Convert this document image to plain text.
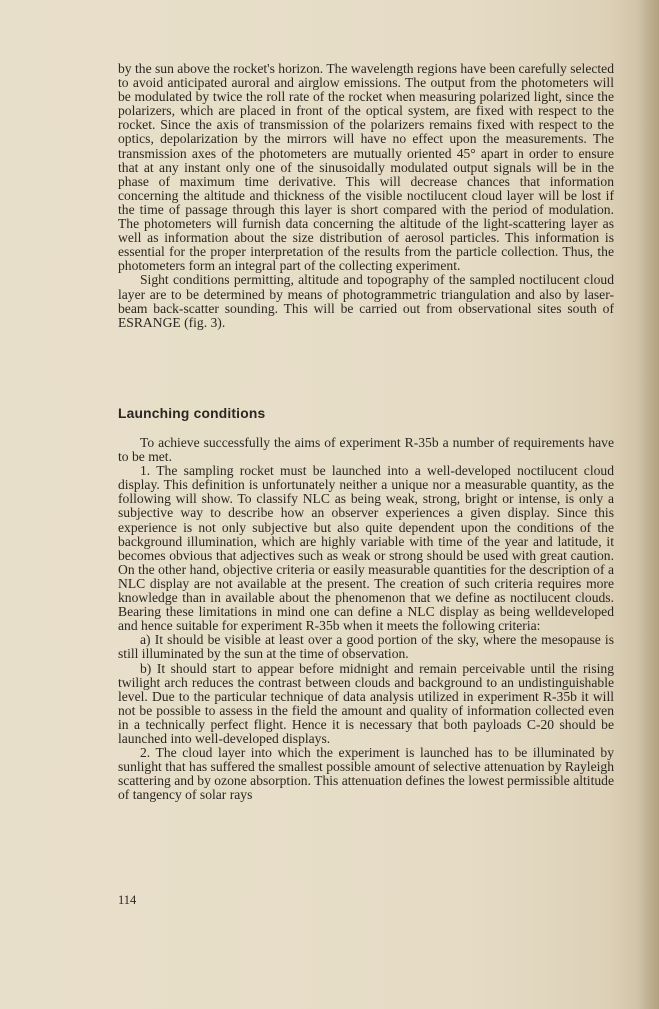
by the sun above the rocket's horizon. The wavelength regions have been carefully selected to avoid anticipated auroral and airglow emissions. The output from the photometers will be modulated by twice the roll rate of the rocket when measuring polarized light, since the polarizers, which are placed in front of the optical system, are fixed with respect to the rocket. Since the axis of transmission of the polarizers remains fixed with respect to the optics, depolarization by the mirrors will have no effect upon the measurements. The transmission axes of the photometers are mutually oriented 45° apart in order to ensure that at any instant only one of the sinusoidally modulated output signals will be in the phase of maximum time derivative. This will decrease chances that information concerning the altitude and thickness of the visible noctilucent cloud layer will be lost if the time of passage through this layer is short compared with the period of modulation. The photometers will furnish data concerning the altitude of the light-scattering layer as well as information about the size distribution of aerosol particles. This information is essential for the proper interpretation of the results from the particle collection. Thus, the photometers form an integral part of the collecting experiment.

Sight conditions permitting, altitude and topography of the sampled noctilucent cloud layer are to be determined by means of photogrammetric triangulation and also by laser-beam back-scatter sounding. This will be carried out from observational sites south of ESRANGE (fig. 3).

Launching conditions

To achieve successfully the aims of experiment R-35b a number of requirements have to be met.

1. The sampling rocket must be launched into a well-developed noctilucent cloud display. This definition is unfortunately neither a unique nor a measurable quantity, as the following will show. To classify NLC as being weak, strong, bright or intense, is only a subjective way to describe how an observer experiences a given display. Since this experience is not only subjective but also quite dependent upon the conditions of the background illumination, which are highly variable with time of the year and latitude, it becomes obvious that adjectives such as weak or strong should be used with great caution. On the other hand, objective criteria or easily measurable quantities for the description of a NLC display are not available at the present. The creation of such criteria requires more knowledge than in available about the phenomenon that we define as noctilucent clouds. Bearing these limitations in mind one can define a NLC display as being welldeveloped and hence suitable for experiment R-35b when it meets the following criteria:

a) It should be visible at least over a good portion of the sky, where the mesopause is still illuminated by the sun at the time of observation.

b) It should start to appear before midnight and remain perceivable until the rising twilight arch reduces the contrast between clouds and background to an undistinguishable level. Due to the particular technique of data analysis utilized in experiment R-35b it will not be possible to assess in the field the amount and quality of information collected even in a technically perfect flight. Hence it is necessary that both payloads C-20 should be launched into well-developed displays.

2. The cloud layer into which the experiment is launched has to be illuminated by sunlight that has suffered the smallest possible amount of selective attenuation by Rayleigh scattering and by ozone absorption. This attenuation defines the lowest permissible altitude of tangency of solar rays

114
